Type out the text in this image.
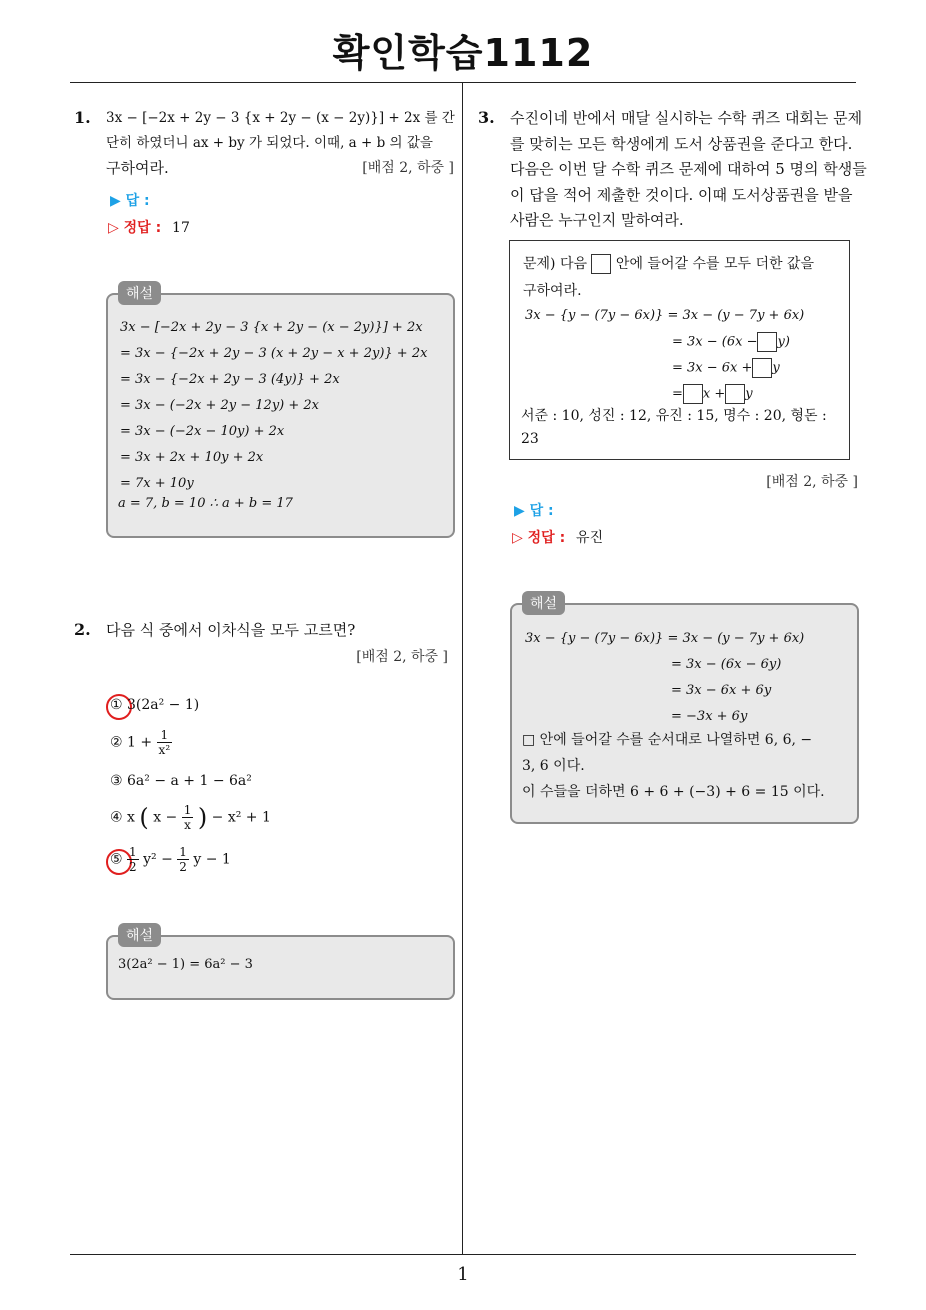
확인학습1112
1
1. 3x − [−2x + 2y − 3 {x + 2y − (x − 2y)}] + 2x 를 간
단히 하였더니 ax + by 가 되었다. 이때, a + b 의 값을
구하여라.	[배점 2, 하중 ]
▶ 답 :
▷ 정답 : 17
해설
3x − [−2x + 2y − 3 {x + 2y − (x − 2y)}] + 2x
= 3x − {−2x + 2y − 3 (x + 2y − x + 2y)} + 2x
= 3x − {−2x + 2y − 3 (4y)} + 2x
= 3x − (−2x + 2y − 12y) + 2x
= 3x − (−2x − 10y) + 2x
= 3x + 2x + 10y + 2x
= 7x + 10y
a = 7, b = 10 ∴ a + b = 17
2. 다음 식 중에서 이차식을 모두 고르면?
[배점 2, 하중 ]
① 3(2a² − 1)
② $1 + \frac{1}{\text{x²}}$
③ 6a² − a + 1 − 6a²
④ x ( $x - \frac{1}{x}$ ) − x² + 1
⑤ $\frac{1}{2} y^2 - \frac{1}{2}$ y − 1
해설
3(2a² − 1) = 6a² − 3
3. 수진이네 반에서 매달 실시하는 수학 퀴즈 대회는 문제
를 맞히는 모든 학생에게 도서 상품권을 준다고 한다.
다음은 이번 달 수학 퀴즈 문제에 대하여 5 명의 학생들
이 답을 적어 제출한 것이다. 이때 도서상품권을 받을
사람은 누구인지 말하여라.
문제) 다음 안에 들어갈 수를 모두 더한 값을
구하여라.
3x − {y − (7y − 6x)} = 3x − (y − 7y + 6x)
= 3x − (6x − y)
= 3x − 6x + y
= x + y
서준 : 10, 성진 : 12, 유진 : 15, 명수 : 20, 형돈 :
23
[배점 2, 하중 ]
▶ 답 :
▷ 정답 : 유진
해설
3x − {y − (7y − 6x)} = 3x − (y − 7y + 6x)
= 3x − (6x − 6y)
= 3x − 6x + 6y
= −3x + 6y
□ 안에 들어갈 수를 순서대로 나열하면 6, 6, −
3, 6 이다.
이 수들을 더하면 6 + 6 + (−3) + 6 = 15 이다.
